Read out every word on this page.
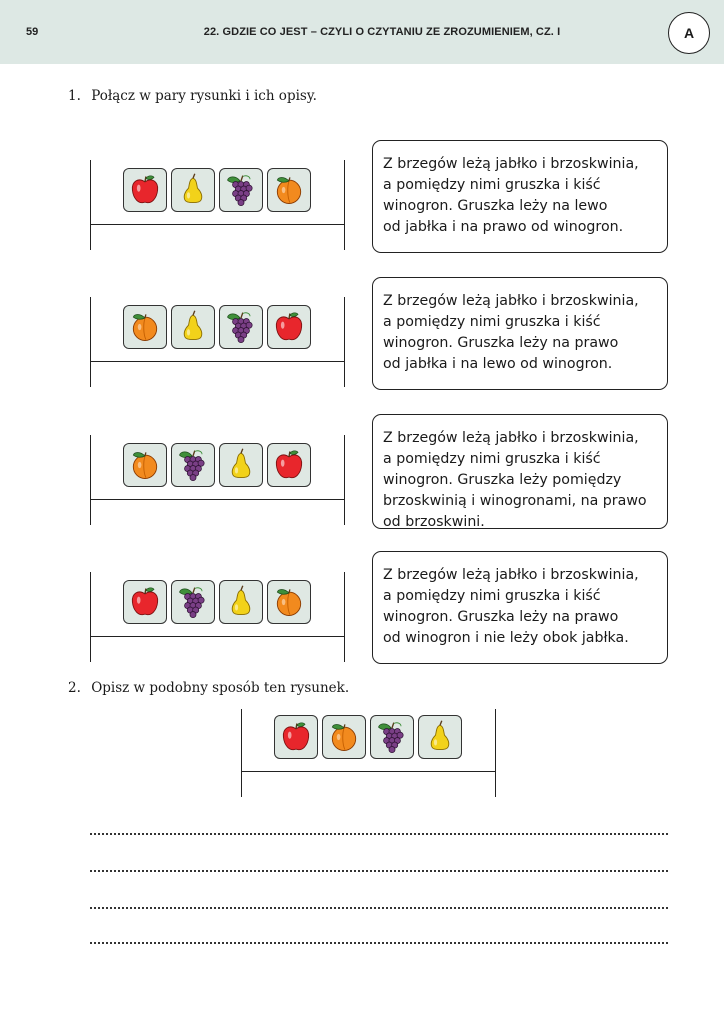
59	22. GDZIE CO JEST – CZYLI O CZYTANIU ZE ZROZUMIENIEM, CZ. I	A
1. Połącz w pary rysunki i ich opisy.

Z brzegów leżą jabłko i brzoskwinia,

a pomiędzy nimi gruszka i kiść

winogron. Gruszka leży na lewo

od jabłka i na prawo od winogron.

Z brzegów leżą jabłko i brzoskwinia,

a pomiędzy nimi gruszka i kiść

winogron. Gruszka leży na prawo

od jabłka i na lewo od winogron.

Z brzegów leżą jabłko i brzoskwinia,

a pomiędzy nimi gruszka i kiść

winogron. Gruszka leży pomiędzy

brzoskwinią i winogronami, na prawo

od brzoskwini.

Z brzegów leżą jabłko i brzoskwinia,

a pomiędzy nimi gruszka i kiść

winogron. Gruszka leży na prawo

od winogron i nie leży obok jabłka.

2. Opisz w podobny sposób ten rysunek.
